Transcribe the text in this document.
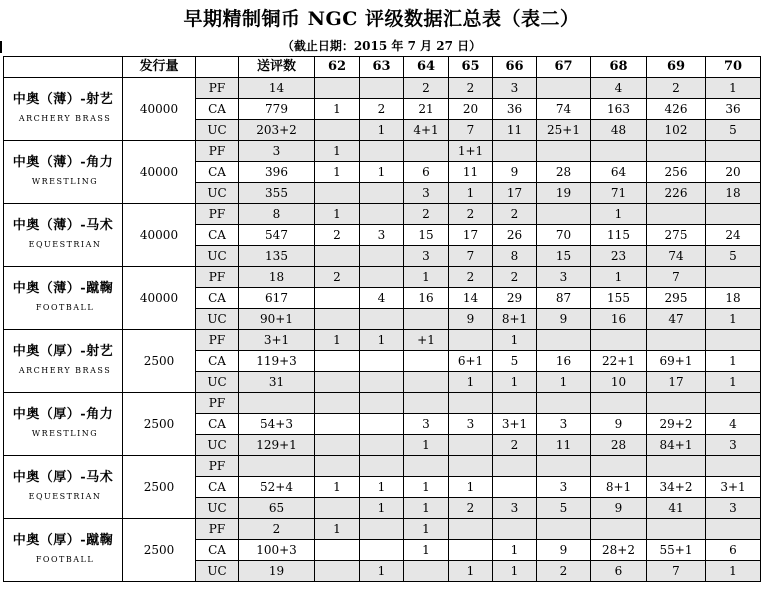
早期精制铜币 NGC 评级数据汇总表（表二）
（截止日期：2015 年 7 月 27 日）
	发行量		送评数	62	63	64	65	66	67	68	69	70

中奥（薄）-射艺
ARCHERY BRASS	40000	PF	14			2	2	3		4	2	1
		CA	779	1	2	21	20	36	74	163	426	36
		UC	203+2		1	4+1	7	11	25+1	48	102	5

中奥（薄）-角力
WRESTLING	40000	PF	3	1			1+1					
		CA	396	1	1	6	11	9	28	64	256	20
		UC	355			3	1	17	19	71	226	18

中奥（薄）-马术
EQUESTRIAN	40000	PF	8	1		2	2	2		1		
		CA	547	2	3	15	17	26	70	115	275	24
		UC	135			3	7	8	15	23	74	5

中奥（薄）-蹴鞠
FOOTBALL	40000	PF	18	2		1	2	2	3	1	7	
		CA	617		4	16	14	29	87	155	295	18
		UC	90+1				9	8+1	9	16	47	1

中奥（厚）-射艺
ARCHERY BRASS	2500	PF	3+1	1	1	+1		1				
		CA	119+3				6+1	5	16	22+1	69+1	1
		UC	31				1	1	1	10	17	1

中奥（厚）-角力
WRESTLING	2500	PF										
		CA	54+3			3	3	3+1	3	9	29+2	4
		UC	129+1			1		2	11	28	84+1	3

中奥（厚）-马术
EQUESTRIAN	2500	PF										
		CA	52+4	1	1	1	1		3	8+1	34+2	3+1
		UC	65		1	1	2	3	5	9	41	3

中奥（厚）-蹴鞠
FOOTBALL	2500	PF	2	1		1						
		CA	100+3			1		1	9	28+2	55+1	6
		UC	19		1		1	1	2	6	7	1
